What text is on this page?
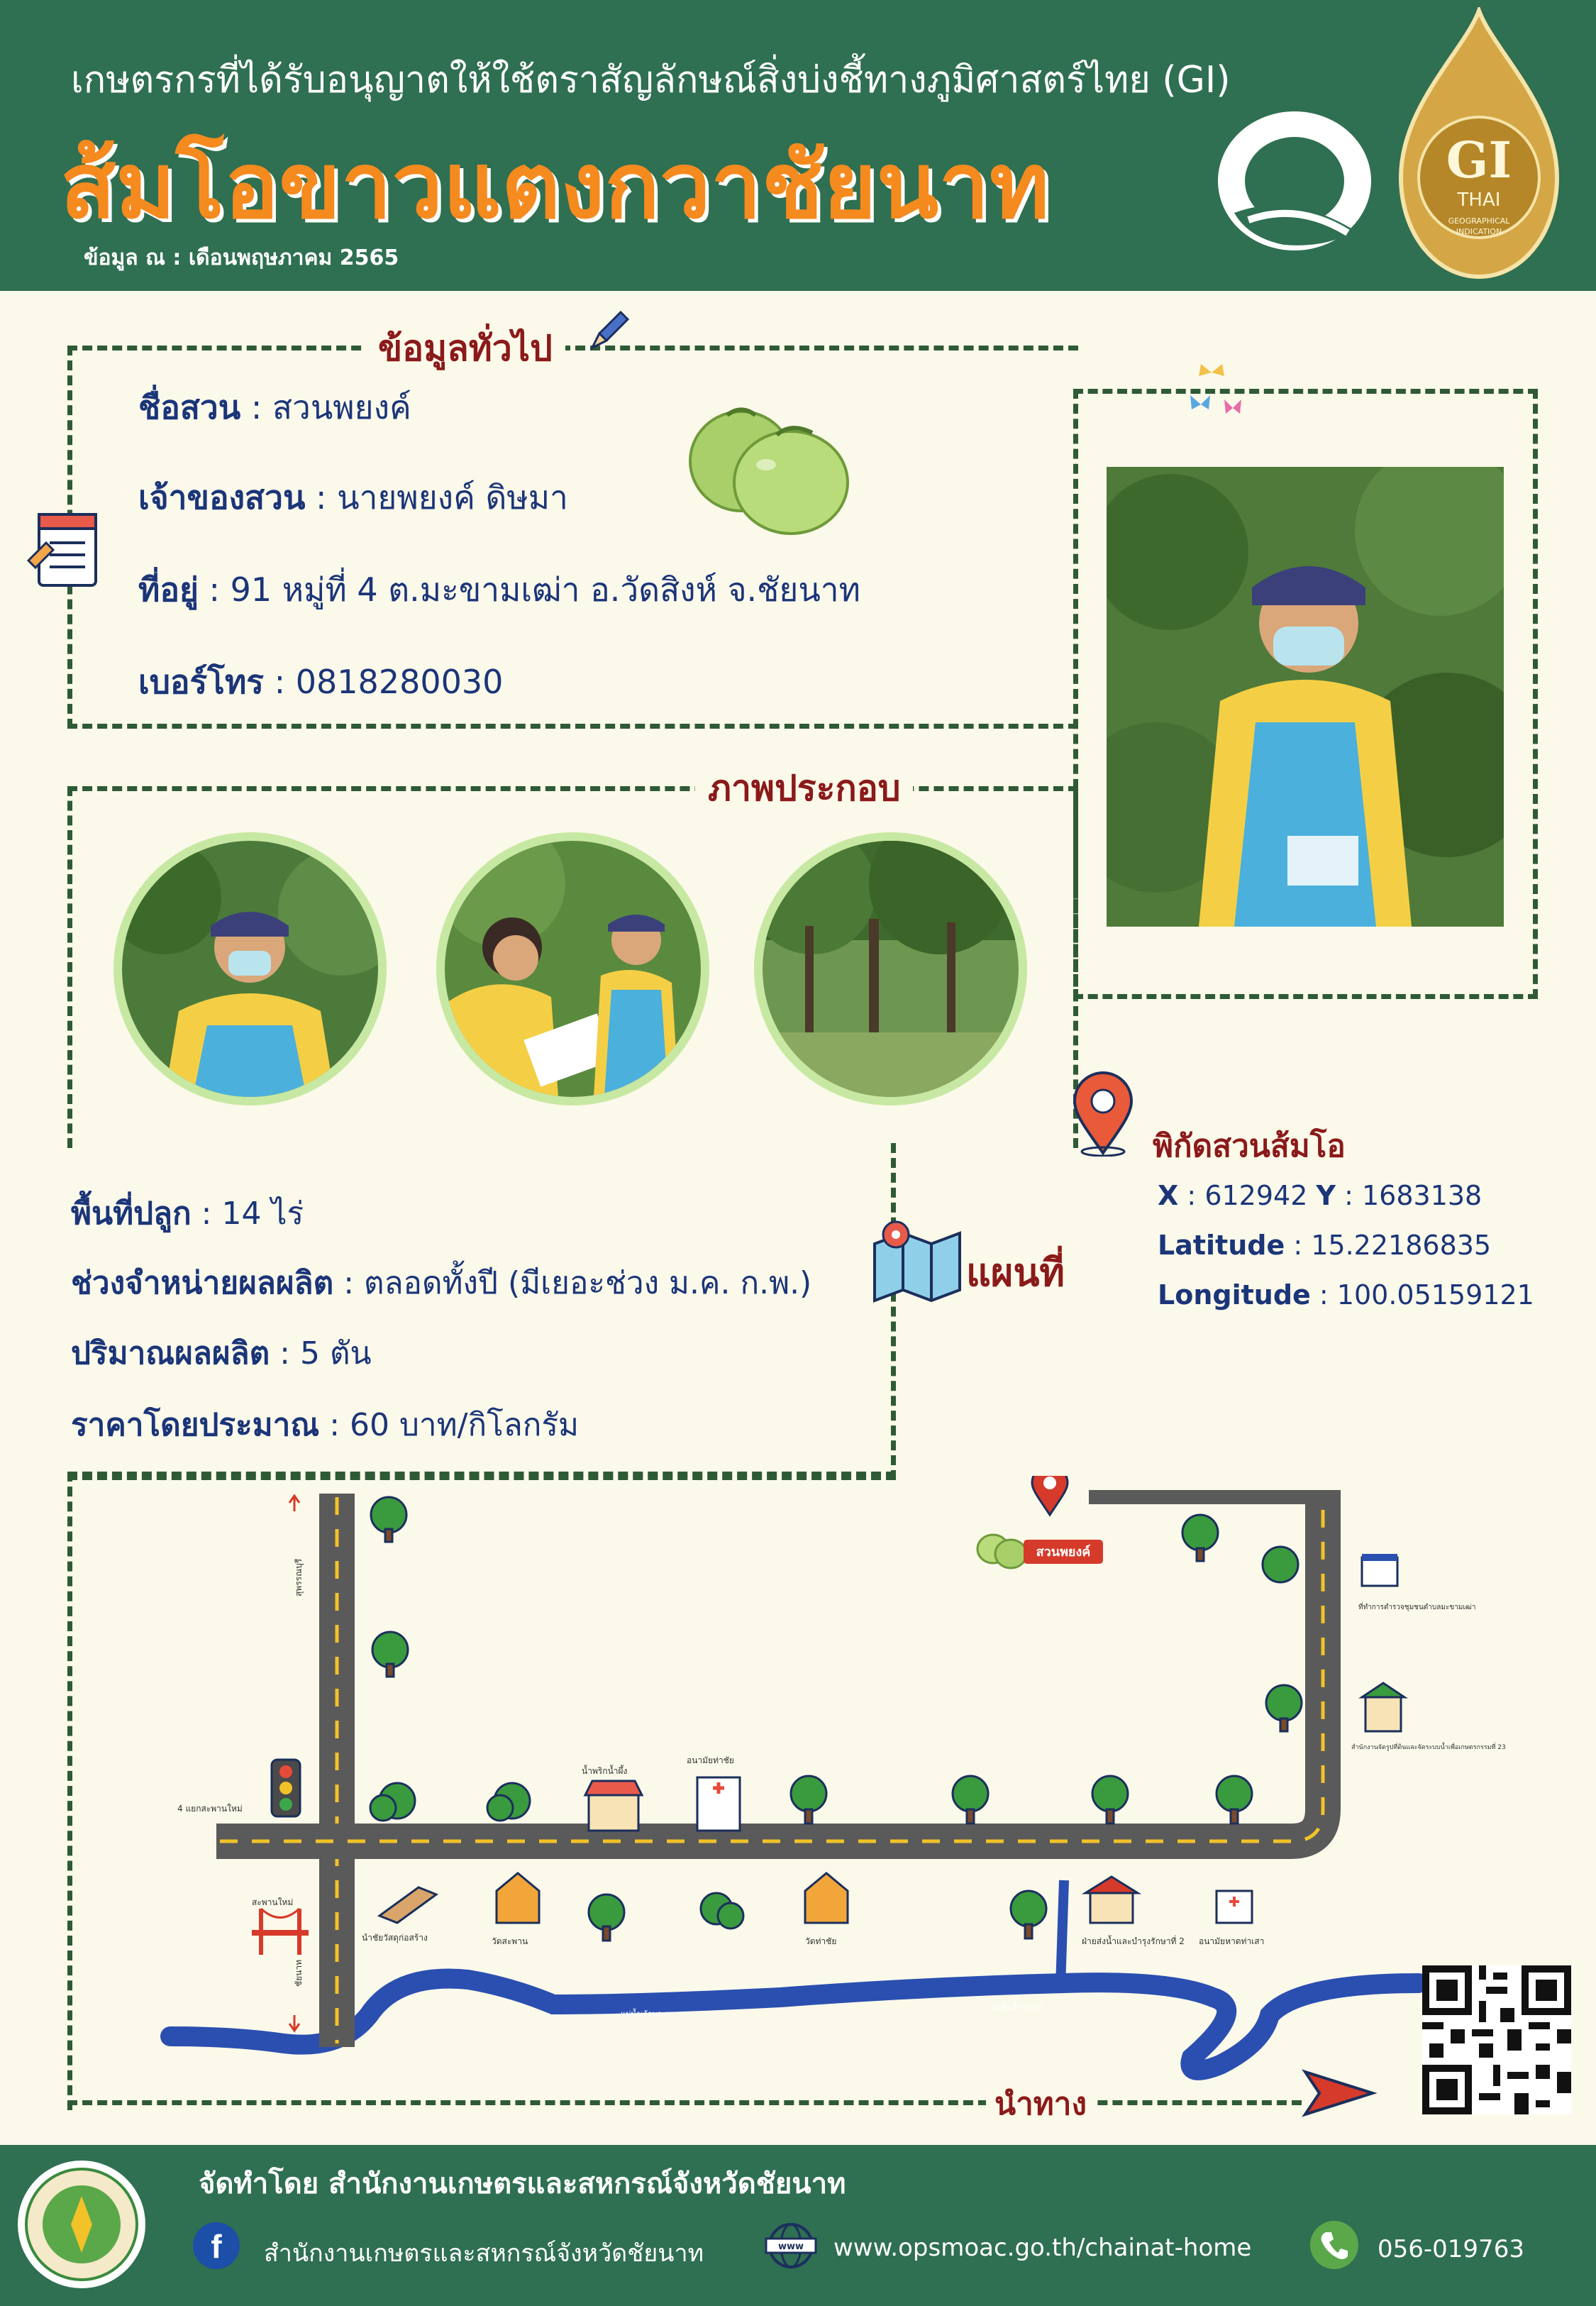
เกษตรกรที่ได้รับอนุญาตให้ใช้ตราสัญลักษณ์สิ่งบ่งชี้ทางภูมิศาสตร์ไทย (GI)
ส้มโอขาวแตงกวาชัยนาท
ข้อมูล ณ : เดือนพฤษภาคม 2565
GI
THAI
GEOGRAPHICAL
INDICATION
ข้อมูลทั่วไป
ชื่อสวน : สวนพยงค์
เจ้าของสวน : นายพยงค์ ดิษมา
ที่อยู่ : 91 หมู่ที่ 4 ต.มะขามเฒ่า อ.วัดสิงห์ จ.ชัยนาท
เบอร์โทร : 0818280030
ภาพประกอบ
พื้นที่ปลูก : 14 ไร่
ช่วงจำหน่ายผลผลิต : ตลอดทั้งปี (มีเยอะช่วง ม.ค. ก.พ.)
ปริมาณผลผลิต : 5 ตัน
ราคาโดยประมาณ : 60 บาท/กิโลกรัม
แผนที่
พิกัดสวนส้มโอ
X : 612942 Y : 1683138
Latitude : 15.22186835
Longitude : 100.05159121
สวนพยงค์
สุพรรณบุรี
ชัยนาท
4 แยกสะพานใหม่
สะพานใหม่
น้ำพริกน้ำผึ้ง
อนามัยท่าชัย
นำชัยวัสดุก่อสร้าง	วัดสะพาน	วัดท่าชัย	ฝ่ายส่งน้ำและบำรุงรักษาที่ 2 อนามัยหาดท่าเสา
ที่ทำการตำรวจชุมชนตำบลมะขามเฒ่า
สำนักงานจัดรูปที่ดินและจัดระบบน้ำเพื่อเกษตรกรรมที่ 23
แม่น้ำเจ้าพระยา
แม่น้ำเจ้าพระยา
นำทาง
จัดทำโดย สำนักงานเกษตรและสหกรณ์จังหวัดชัยนาท
f สำนักงานเกษตรและสหกรณ์จังหวัดชัยนาท	www www.opsmoac.go.th/chainat-home	056-019763
